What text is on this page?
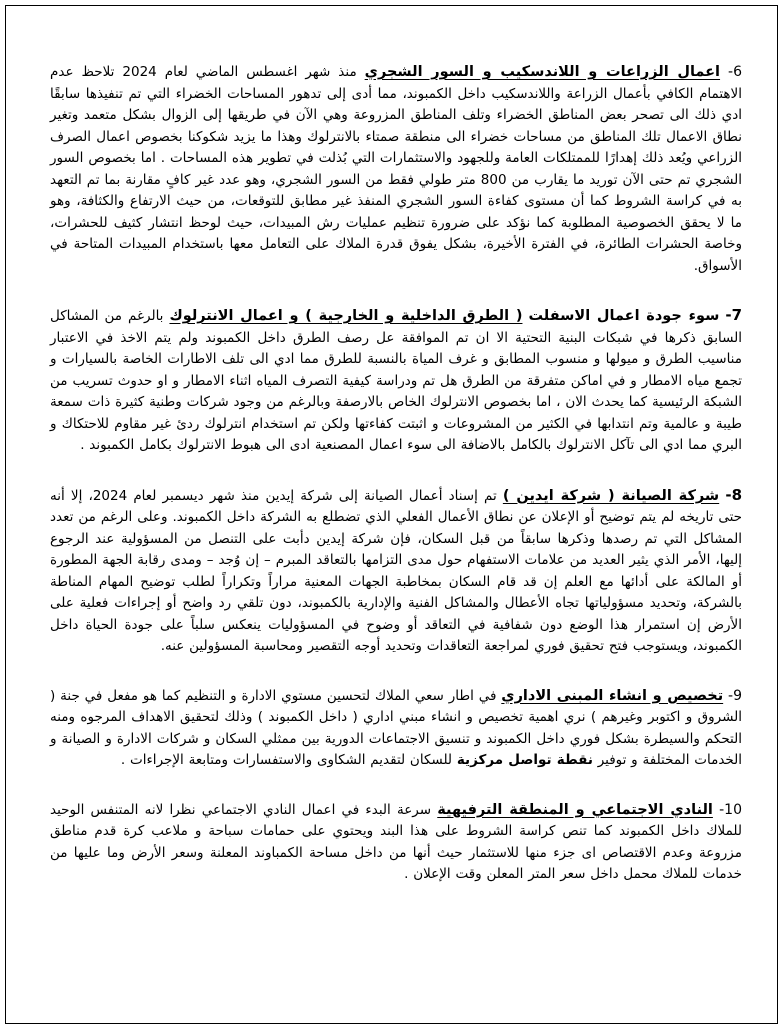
6- اعمال الزراعات و اللاندسكيب و السور الشجري منذ شهر اغسطس الماضي لعام 2024 تلاحظ عدم الاهتمام الكافي بأعمال الزراعة واللاندسكيب داخل الكمبوند، مما أدى إلى تدهور المساحات الخضراء التي تم تنفيذها سابقًا ادي ذلك الى تصحر بعض المناطق الخضراء وتلف المناطق المزروعة وهي الآن في طريقها إلى الزوال بشكل متعمد وتغير نطاق الاعمال تلك المناطق من مساحات خضراء الى منطقة صمتاء بالانترلوك وهذا ما يزيد شكوكنا بخصوص اعمال الصرف الزراعي ويُعد ذلك إهدارًا للممتلكات العامة وللجهود والاستثمارات التي بُذلت في تطوير هذه المساحات . اما بخصوص السور الشجري تم حتى الآن توريد ما يقارب من 800 متر طولي فقط من السور الشجري، وهو عدد غير كافٍ مقارنة بما تم التعهد به في كراسة الشروط كما أن مستوى كفاءة السور الشجري المنفذ غير مطابق للتوقعات، من حيث الارتفاع والكثافة، وهو ما لا يحقق الخصوصية المطلوبة كما نؤكد على ضرورة تنظيم عمليات رش المبيدات، حيث لوحظ انتشار كثيف للحشرات، وخاصة الحشرات الطائرة، في الفترة الأخيرة، بشكل يفوق قدرة الملاك على التعامل معها باستخدام المبيدات المتاحة في الأسواق.

7- سوء جودة اعمال الاسفلت ( الطرق الداخلية و الخارجية ) و اعمال الانترلوك بالرغم من المشاكل السابق ذكرها في شبكات البنية التحتية الا ان تم الموافقة عل رصف الطرق داخل الكمبوند ولم يتم الاخذ في الاعتبار مناسيب الطرق و ميولها و منسوب المطابق و غرف المياة بالنسبة للطرق مما ادي الى تلف الاطارات الخاصة بالسيارات و تجمع مياه الامطار و في اماكن متفرقة من الطرق هل تم ودراسة كيفية التصرف المياه اثناء الامطار و او حدوث تسريب من الشبكة الرئيسية كما يحدث الان ، اما بخصوص الانترلوك الخاص بالارصفة وبالرغم من وجود شركات وطنية كثيرة ذات سمعة طيبة و عالمية وتم انتدابها في الكثير من المشروعات و اثبتت كفاءتها ولكن تم استخدام انترلوك ردئ غير مقاوم للاحتكاك و البري مما ادي الى تآكل الانترلوك بالكامل بالاضافة الى سوء اعمال المصنعية ادى الى هبوط الانترلوك بكامل الكمبوند .

8- شركة الصيانة ( شركة ايدين ) تم إسناد أعمال الصيانة إلى شركة إيدين منذ شهر ديسمبر لعام 2024، إلا أنه حتى تاريخه لم يتم توضيح أو الإعلان عن نطاق الأعمال الفعلي الذي تضطلع به الشركة داخل الكمبوند. وعلى الرغم من تعدد المشاكل التي تم رصدها وذكرها سابقاً من قبل السكان، فإن شركة إيدين دأبت على التنصل من المسؤولية عند الرجوع إليها، الأمر الذي يثير العديد من علامات الاستفهام حول مدى التزامها بالتعاقد المبرم – إن وُجد – ومدى رقابة الجهة المطورة أو المالكة على أدائها مع العلم إن قد قام السكان بمخاطبة الجهات المعنية مراراً وتكراراً لطلب توضيح المهام المناطة بالشركة، وتحديد مسؤولياتها تجاه الأعطال والمشاكل الفنية والإدارية بالكمبوند، دون تلقي رد واضح أو إجراءات فعلية على الأرض إن استمرار هذا الوضع دون شفافية في التعاقد أو وضوح في المسؤوليات ينعكس سلباً على جودة الحياة داخل الكمبوند، ويستوجب فتح تحقيق فوري لمراجعة التعاقدات وتحديد أوجه التقصير ومحاسبة المسؤولين عنه.

9- تخصيص و انشاء المبنى الاداري في اطار سعي الملاك لتحسين مستوي الادارة و التنظيم كما هو مفعل في جنة ( الشروق و اكتوبر وغيرهم ) نري اهمية تخصيص و انشاء مبني اداري ( داخل الكمبوند ) وذلك لتحقيق الاهداف المرجوه ومنه التحكم والسيطرة بشكل فوري داخل الكمبوند و تنسيق الاجتماعات الدورية بين ممثلي السكان و شركات الادارة و الصيانة و الخدمات المختلفة و توفير نقطة تواصل مركزية للسكان لتقديم الشكاوى والاستفسارات ومتابعة الإجراءات .

10- النادي الاجتماعي و المنطقة الترفيهية سرعة البدء في اعمال النادي الاجتماعي نظرا لانه المتنفس الوحيد للملاك داخل الكمبوند كما تنص كراسة الشروط على هذا البند ويحتوي على حمامات سباحة و ملاعب كرة قدم مناطق مزروعة وعدم الاقتصاص اى جزء منها للاستثمار حيث أنها من داخل مساحة الكمباوند المعلنة وسعر الأرض وما عليها من خدمات للملاك محمل داخل سعر المتر المعلن وقت الإعلان .
